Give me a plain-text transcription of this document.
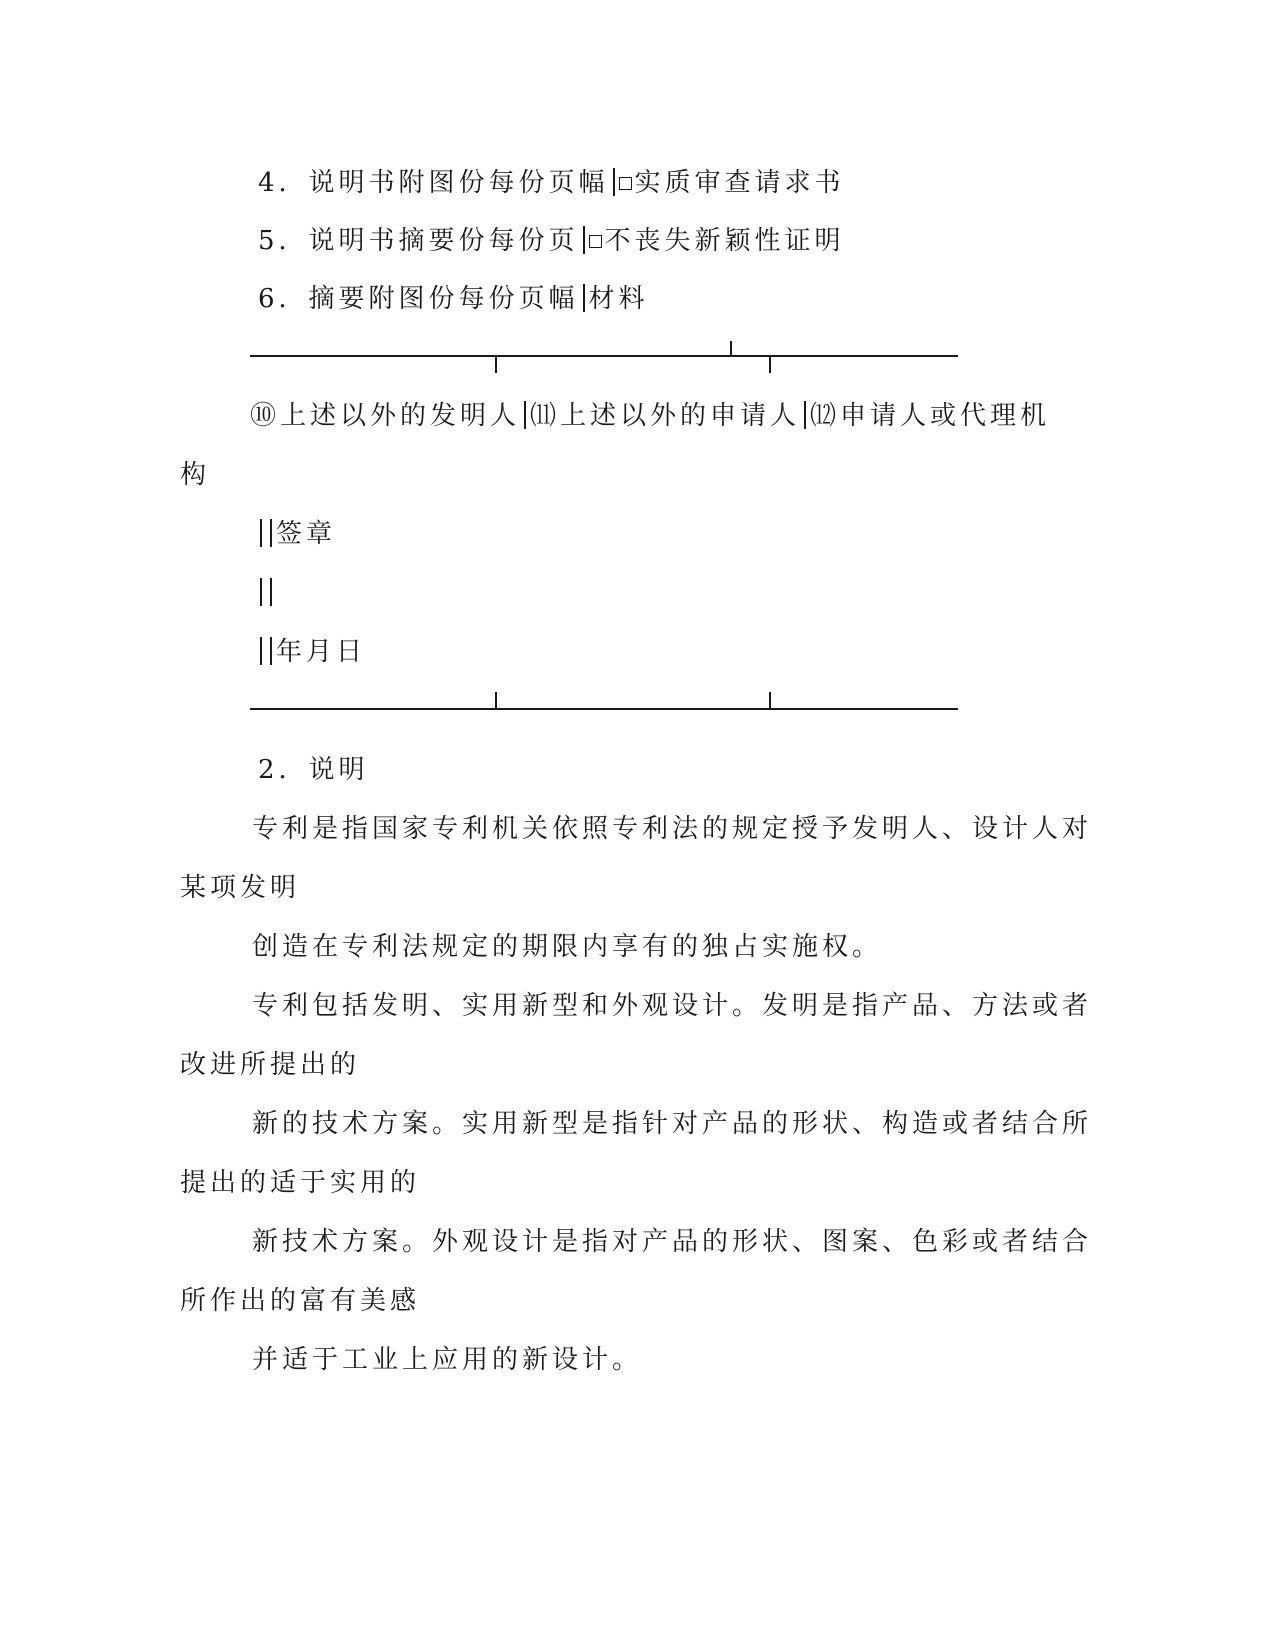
4．说明书附图份每份页幅 实质审查请求书
5．说明书摘要份每份页 不丧失新颖性证明
6．摘要附图份每份页幅 材料
⑩上述以外的发明人 ⑾上述以外的申请人 ⑿申请人或代理机
构
签章
年月日
2．说明
专利是指国家专利机关依照专利法的规定授予发明人、设计人对
某项发明
创造在专利法规定的期限内享有的独占实施权。
专利包括发明、实用新型和外观设计。发明是指产品、方法或者
改进所提出的
新的技术方案。实用新型是指针对产品的形状、构造或者结合所
提出的适于实用的
新技术方案。外观设计是指对产品的形状、图案、色彩或者结合
所作出的富有美感
并适于工业上应用的新设计。
